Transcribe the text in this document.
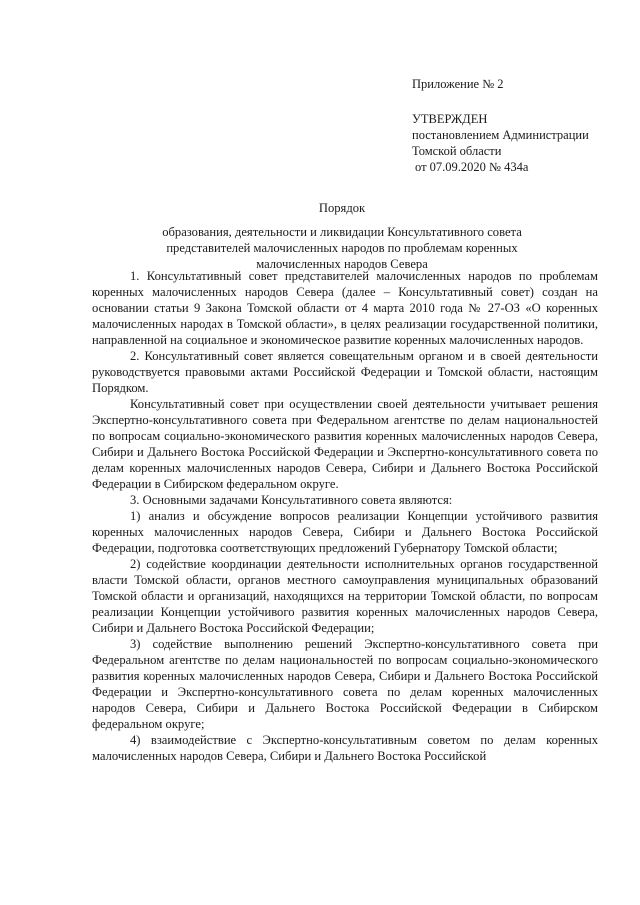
Приложение № 2
УТВЕРЖДЕН
постановлением Администрации
Томской области
от 07.09.2020 № 434а
Порядок
образования, деятельности и ликвидации Консультативного совета
представителей малочисленных народов по проблемам коренных
малочисленных народов Севера

1. Консультативный совет представителей малочисленных народов по проблемам коренных малочисленных народов Севера (далее – Консультативный совет) создан на основании статьи 9 Закона Томской области от 4 марта 2010 года № 27-ОЗ «О коренных малочисленных народах в Томской области», в целях реализации государственной политики, направленной на социальное и экономическое развитие коренных малочисленных народов.

2. Консультативный совет является совещательным органом и в своей деятельности руководствуется правовыми актами Российской Федерации и Томской области, настоящим Порядком.

Консультативный совет при осуществлении своей деятельности учитывает решения Экспертно-консультативного совета при Федеральном агентстве по делам национальностей по вопросам социально-экономического развития коренных малочисленных народов Севера, Сибири и Дальнего Востока Российской Федерации и Экспертно-консультативного совета по делам коренных малочисленных народов Севера, Сибири и Дальнего Востока Российской Федерации в Сибирском федеральном округе.

3. Основными задачами Консультативного совета являются:

1) анализ и обсуждение вопросов реализации Концепции устойчивого развития коренных малочисленных народов Севера, Сибири и Дальнего Востока Российской Федерации, подготовка соответствующих предложений Губернатору Томской области;

2) содействие координации деятельности исполнительных органов государственной власти Томской области, органов местного самоуправления муниципальных образований Томской области и организаций, находящихся на территории Томской области, по вопросам реализации Концепции устойчивого развития коренных малочисленных народов Севера, Сибири и Дальнего Востока Российской Федерации;

3) содействие выполнению решений Экспертно-консультативного совета при Федеральном агентстве по делам национальностей по вопросам социально-экономического развития коренных малочисленных народов Севера, Сибири и Дальнего Востока Российской Федерации и Экспертно-консультативного совета по делам коренных малочисленных народов Севера, Сибири и Дальнего Востока Российской Федерации в Сибирском федеральном округе;

4) взаимодействие с Экспертно-консультативным советом по делам коренных малочисленных народов Севера, Сибири и Дальнего Востока Российской
